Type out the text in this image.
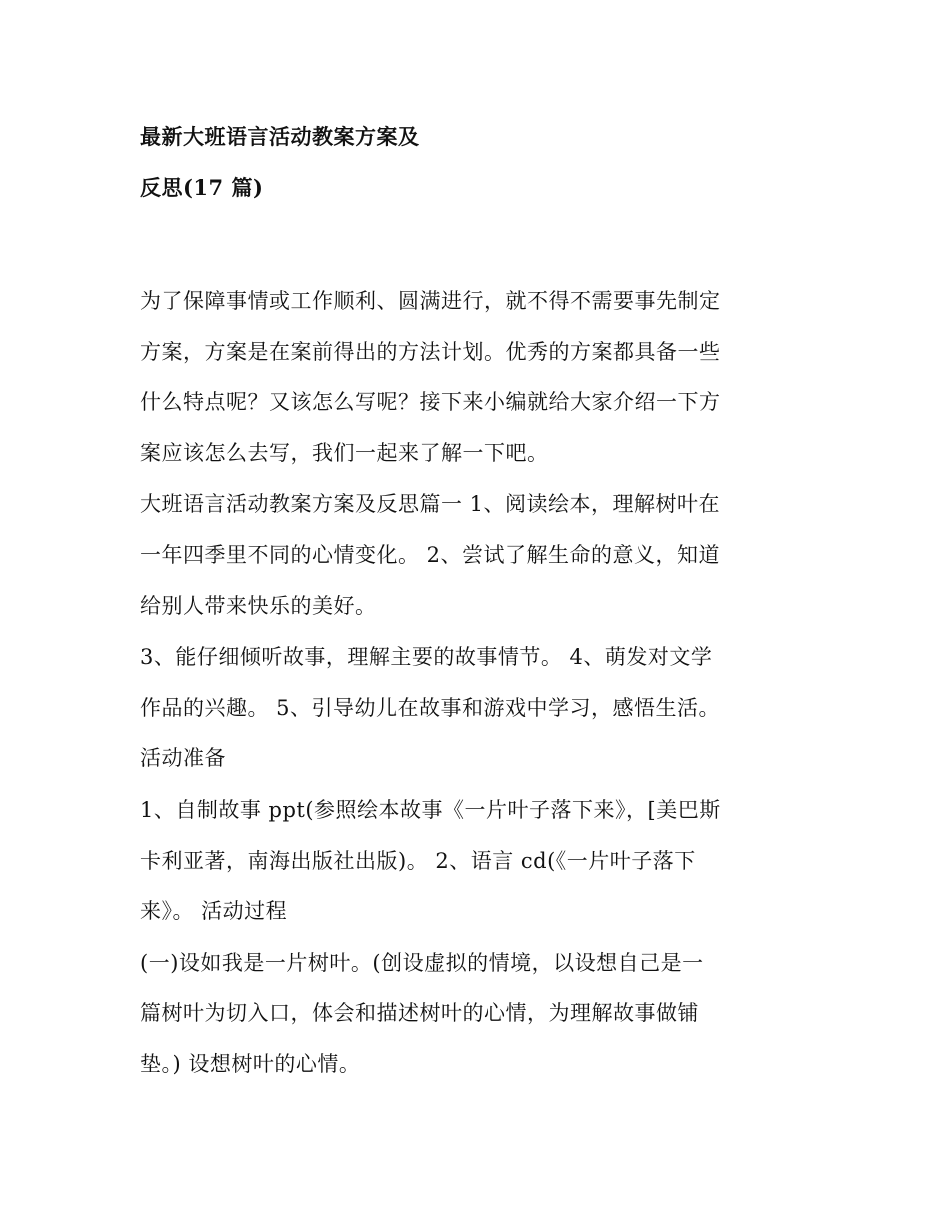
最新大班语言活动教案方案及
反思(17 篇)

为了保障事情或工作顺利、圆满进行，就不得不需要事先制定
方案，方案是在案前得出的方法计划。优秀的方案都具备一些
什么特点呢？又该怎么写呢？接下来小编就给大家介绍一下方
案应该怎么去写，我们一起来了解一下吧。

大班语言活动教案方案及反思篇一 1、阅读绘本，理解树叶在
一年四季里不同的心情变化。 2、尝试了解生命的意义，知道
给别人带来快乐的美好。

3、能仔细倾听故事，理解主要的故事情节。 4、萌发对文学
作品的兴趣。 5、引导幼儿在故事和游戏中学习，感悟生活。
活动准备

1、自制故事 ppt(参照绘本故事《一片叶子落下来》，[美巴斯
卡利亚著，南海出版社出版)。 2、语言 cd(《一片叶子落下
来》。 活动过程

(一)设如我是一片树叶。(创设虚拟的情境，以设想自己是一
篇树叶为切入口，体会和描述树叶的心情，为理解故事做铺
垫。) 设想树叶的心情。
